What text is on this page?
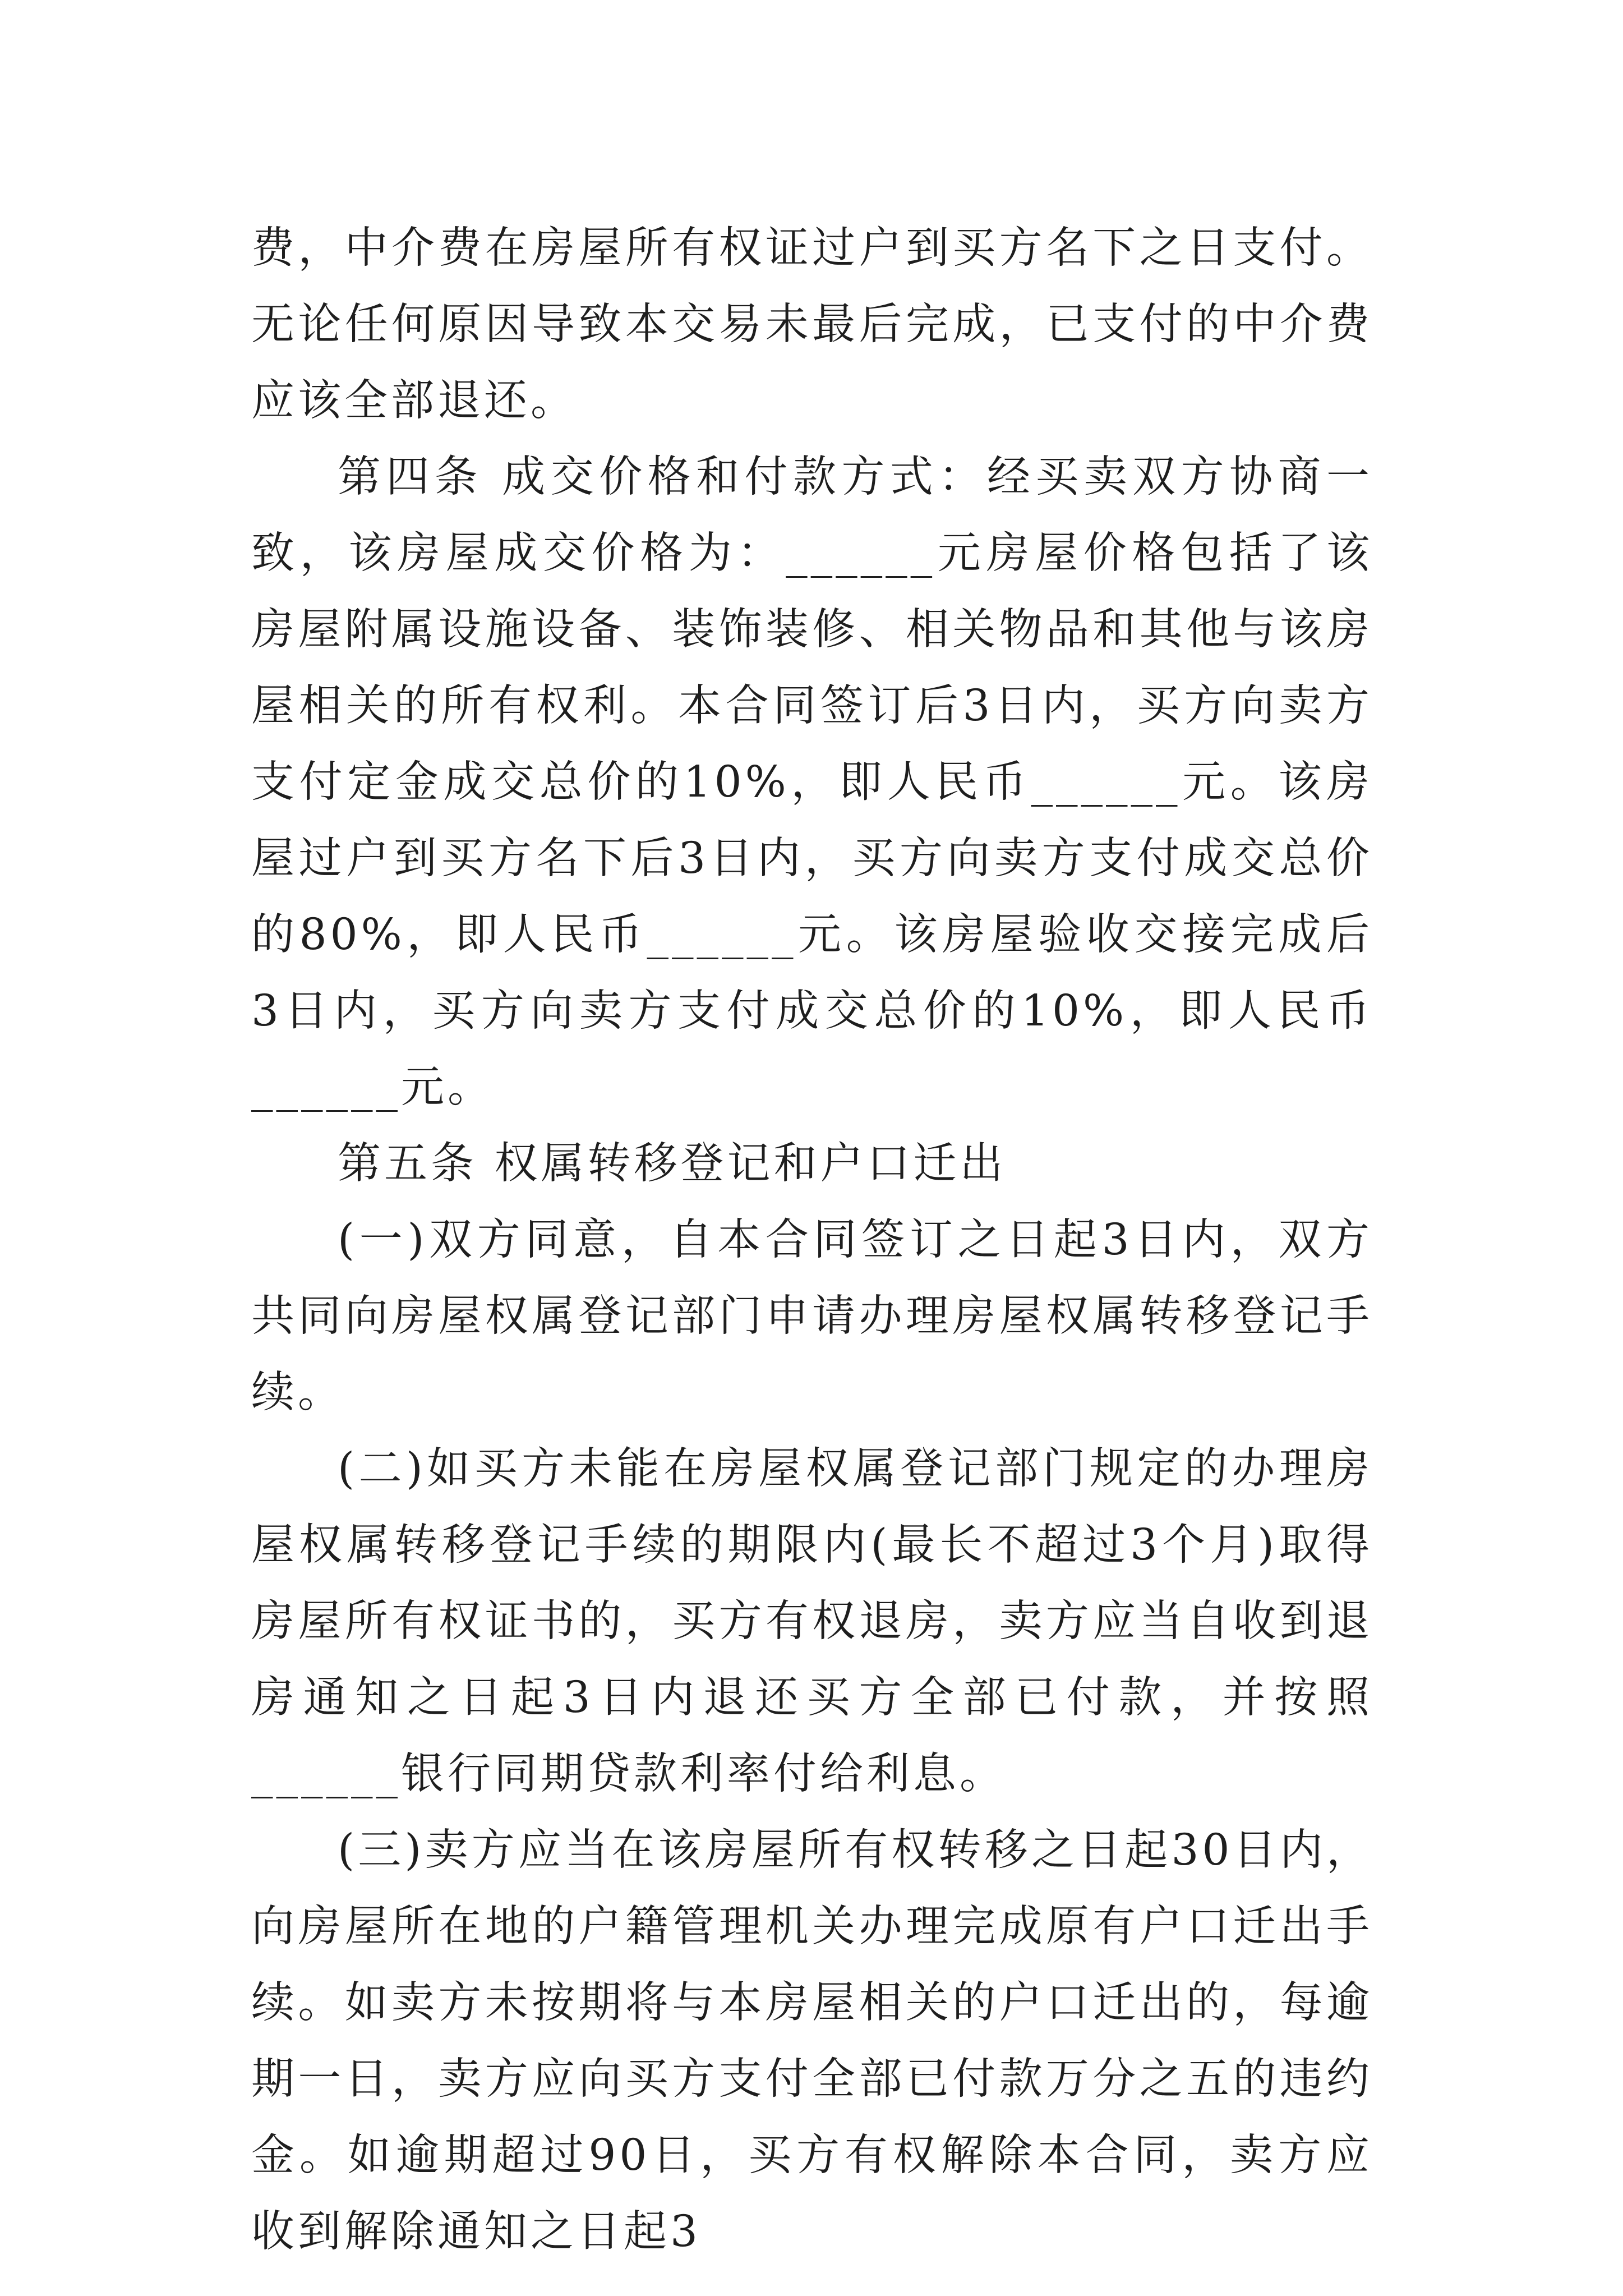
费，中介费在房屋所有权证过户到买方名下之日支付。无论任何原因导致本交易未最后完成，已支付的中介费应该全部退还。

第四条 成交价格和付款方式：经买卖双方协商一致，该房屋成交价格为：______元房屋价格包括了该房屋附属设施设备、装饰装修、相关物品和其他与该房屋相关的所有权利。本合同签订后3日内，买方向卖方支付定金成交总价的10%，即人民币______元。该房屋过户到买方名下后3日内，买方向卖方支付成交总价的80%，即人民币______元。该房屋验收交接完成后3日内，买方向卖方支付成交总价的10%，即人民币______元。

第五条 权属转移登记和户口迁出

(一)双方同意，自本合同签订之日起3日内，双方共同向房屋权属登记部门申请办理房屋权属转移登记手续。

(二)如买方未能在房屋权属登记部门规定的办理房屋权属转移登记手续的期限内(最长不超过3个月)取得房屋所有权证书的，买方有权退房，卖方应当自收到退房通知之日起3日内退还买方全部已付款，并按照______银行同期贷款利率付给利息。

(三)卖方应当在该房屋所有权转移之日起30日内，向房屋所在地的户籍管理机关办理完成原有户口迁出手续。如卖方未按期将与本房屋相关的户口迁出的，每逾期一日，卖方应向买方支付全部已付款万分之五的违约金。如逾期超过90日，买方有权解除本合同，卖方应收到解除通知之日起3
